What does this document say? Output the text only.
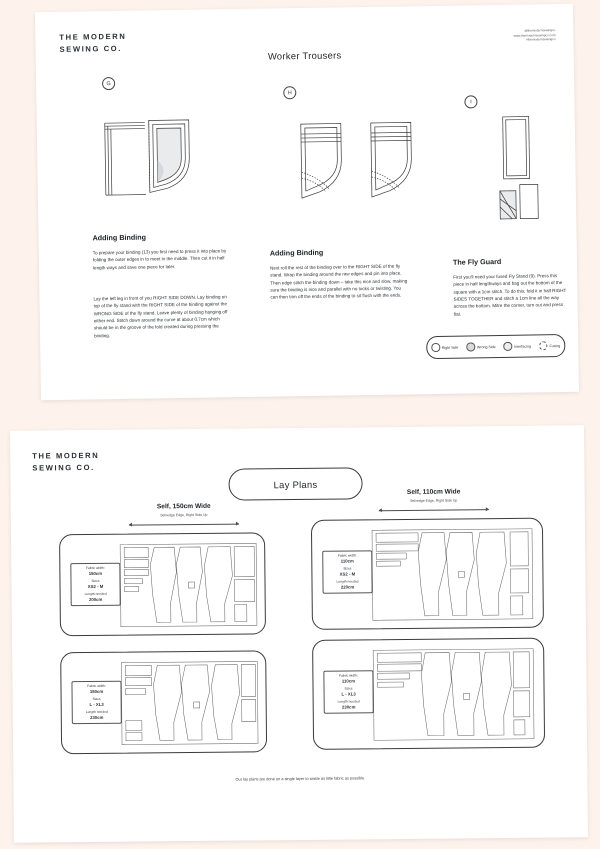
THE MODERN
SEWING CO.
Worker Trousers
@themodernsewingco
www.themodernsewingco.com
#themodernsewingco
G
Adding Binding
To prepare your binding (13) you first need to press it into place by folding the outer edges in to meet in the middle. Then cut it in half length ways and save one piece for later.
Lay the left leg in front of you RIGHT SIDE DOWN. Lay binding on top of the fly stand with the RIGHT SIDE of the binding against the WRONG SIDE of the fly stand. Leave plenty of binding hanging off either end. Stitch down around the curve at about 0.7cm which should be in the groove of the fold created during pressing the binding.
H
Adding Binding
Next roll the rest of the binding over to the RIGHT SIDE of the fly stand. Wrap the binding around the raw edges and pin into place. Then edge stitch the binding down – take this nice and slow, making sure the binding is nice and parallel with no tucks or twisting. You can then trim off the ends of the binding to sit flush with the ends.
I
The Fly Guard
First you'll need your fused Fly Stand (9). Press this piece in half lengthways and bag out the bottom of the square with a 1cm stitch. To do this, fold it in half RIGHT SIDES TOGETHER and stitch a 1cm line all the way across the bottom. Mitre the corner, turn out and press flat.
Right Side	Wrong Side	Interfacing	Fusing
THE MODERN
SEWING CO.
Lay Plans
Self, 150cm Wide
Selvedge Edge, Right Side Up
Self, 110cm Wide
Selvedge Edge, Right Side Up
Fabric width:
150cm
Sizes
XS2 - M
Length needed
200cm
Fabric width:
110cm
Sizes
XS2 - M
Length needed
220cm
Fabric width:
150cm
Sizes
L - XL3
Length needed
230cm
Fabric width:
110cm
Sizes
L - XL3
Length needed
230cm
Our lay plans are done on a single layer to waste as little fabric as possible.
